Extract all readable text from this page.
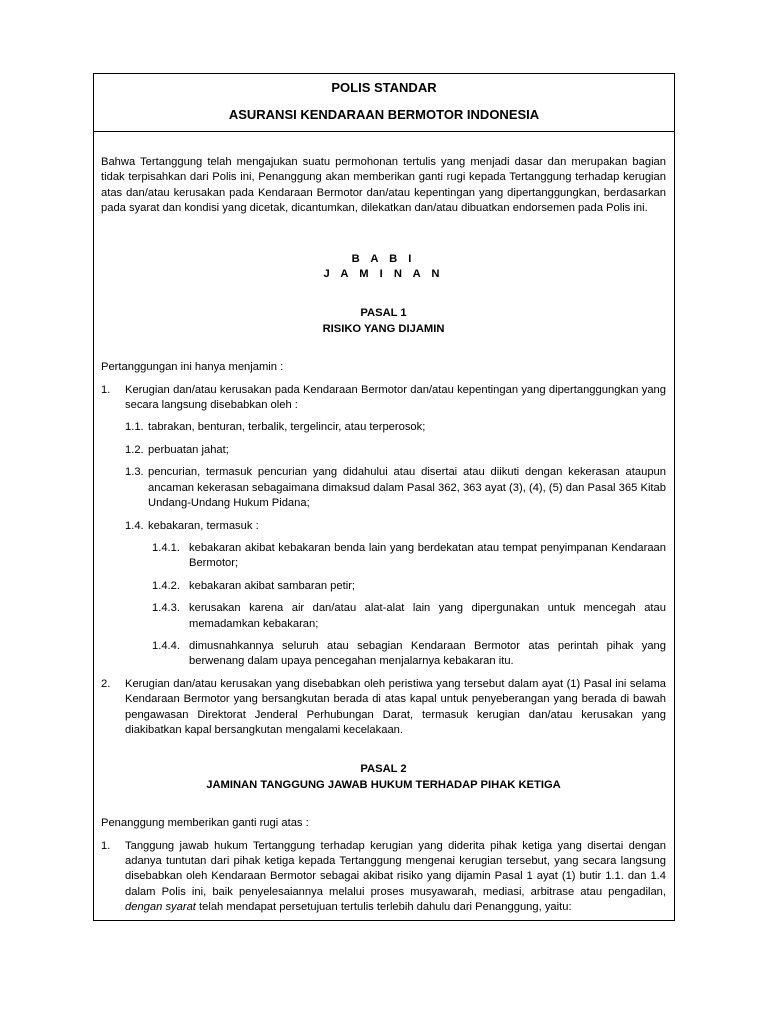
POLIS STANDAR
ASURANSI KENDARAAN BERMOTOR INDONESIA
Bahwa Tertanggung telah mengajukan suatu permohonan tertulis yang menjadi dasar dan merupakan bagian tidak terpisahkan dari Polis ini, Penanggung akan memberikan ganti rugi kepada Tertanggung terhadap kerugian atas dan/atau kerusakan pada Kendaraan Bermotor dan/atau kepentingan yang dipertanggungkan, berdasarkan pada syarat dan kondisi yang dicetak, dicantumkan, dilekatkan dan/atau dibuatkan endorsemen pada Polis ini.
B A B I
J A M I N A N
PASAL 1
RISIKO YANG DIJAMIN
Pertanggungan ini hanya menjamin :
1.	Kerugian dan/atau kerusakan pada Kendaraan Bermotor dan/atau kepentingan yang dipertanggungkan yang secara langsung disebabkan oleh :
1.1. tabrakan, benturan, terbalik, tergelincir, atau terperosok;
1.2. perbuatan jahat;
1.3. pencurian, termasuk pencurian yang didahului atau disertai atau diikuti dengan kekerasan ataupun ancaman kekerasan sebagaimana dimaksud dalam Pasal 362, 363 ayat (3), (4), (5) dan Pasal 365 Kitab Undang-Undang Hukum Pidana;
1.4. kebakaran, termasuk :
1.4.1. kebakaran akibat kebakaran benda lain yang berdekatan atau tempat penyimpanan Kendaraan Bermotor;
1.4.2. kebakaran akibat sambaran petir;
1.4.3. kerusakan karena air dan/atau alat-alat lain yang dipergunakan untuk mencegah atau memadamkan kebakaran;
1.4.4. dimusnahkannya seluruh atau sebagian Kendaraan Bermotor atas perintah pihak yang berwenang dalam upaya pencegahan menjalarnya kebakaran itu.
2.	Kerugian dan/atau kerusakan yang disebabkan oleh peristiwa yang tersebut dalam ayat (1) Pasal ini selama Kendaraan Bermotor yang bersangkutan berada di atas kapal untuk penyeberangan yang berada di bawah pengawasan Direktorat Jenderal Perhubungan Darat, termasuk kerugian dan/atau kerusakan yang diakibatkan kapal bersangkutan mengalami kecelakaan.
PASAL 2
JAMINAN TANGGUNG JAWAB HUKUM TERHADAP PIHAK KETIGA
Penanggung memberikan ganti rugi atas :
1.	Tanggung jawab hukum Tertanggung terhadap kerugian yang diderita pihak ketiga yang disertai dengan adanya tuntutan dari pihak ketiga kepada Tertanggung mengenai kerugian tersebut, yang secara langsung disebabkan oleh Kendaraan Bermotor sebagai akibat risiko yang dijamin Pasal 1 ayat (1) butir 1.1. dan 1.4 dalam Polis ini, baik penyelesaiannya melalui proses musyawarah, mediasi, arbitrase atau pengadilan, dengan syarat telah mendapat persetujuan tertulis terlebih dahulu dari Penanggung, yaitu:
